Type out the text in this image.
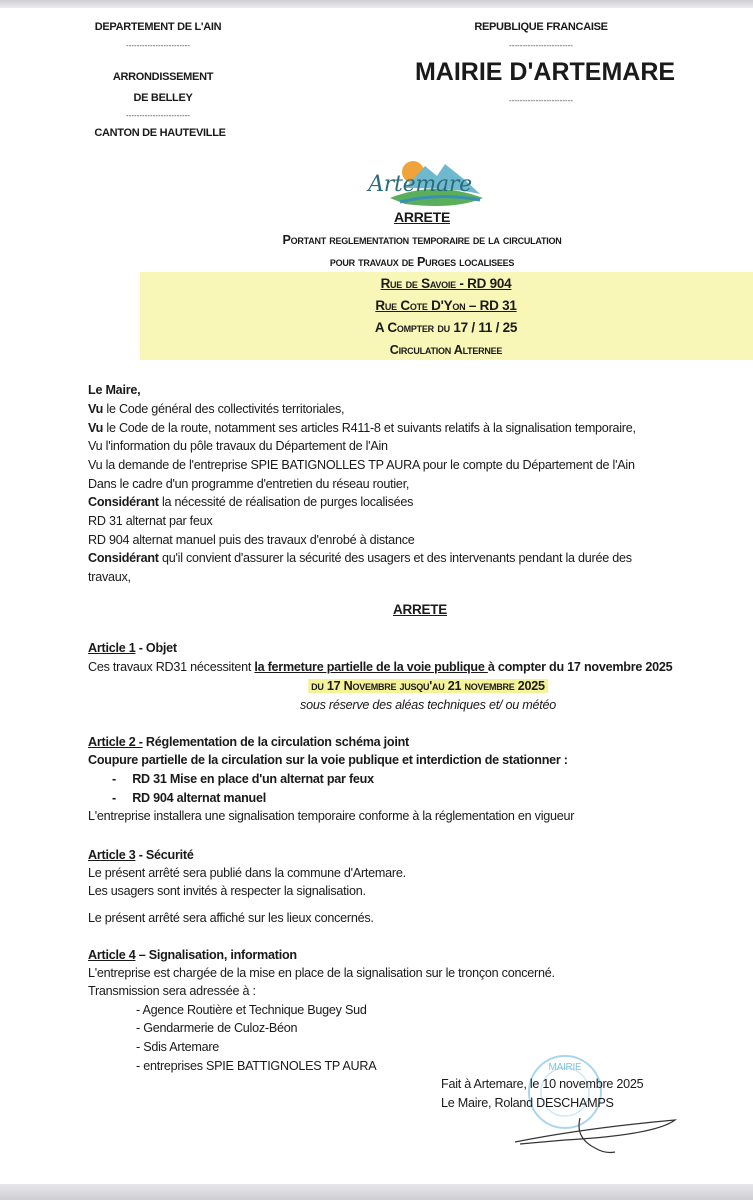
DEPARTEMENT DE L'AIN
------------------------
ARRONDISSEMENT
DE BELLEY
------------------------
CANTON DE HAUTEVILLE
REPUBLIQUE FRANCAISE
------------------------
MAIRIE D'ARTEMARE
------------------------
Artemare
ARRETE
Portant reglementation temporaire de la circulation
pour travaux de Purges localisees
Rue de Savoie - RD 904
Rue Cote D'Yon – RD 31
A Compter du 17 / 11 / 25
Circulation Alternee
Le Maire,
Vu le Code général des collectivités territoriales,
Vu le Code de la route, notamment ses articles R411-8 et suivants relatifs à la signalisation temporaire,
Vu l'information du pôle travaux du Département de l'Ain
Vu la demande de l'entreprise SPIE BATIGNOLLES TP AURA pour le compte du Département de l'Ain
Dans le cadre d'un programme d'entretien du réseau routier,
Considérant la nécessité de réalisation de purges localisées
RD 31 alternat par feux
RD 904 alternat manuel puis des travaux d'enrobé à distance
Considérant qu'il convient d'assurer la sécurité des usagers et des intervenants pendant la durée des
travaux,
ARRETE
Article 1 - Objet
Ces travaux RD31 nécessitent la fermeture partielle de la voie publique à compter du 17 novembre 2025
du 17 Novembre jusqu'au 21 novembre 2025
sous réserve des aléas techniques et/ ou météo
Article 2 - Réglementation de la circulation schéma joint
Coupure partielle de la circulation sur la voie publique et interdiction de stationner :
-     RD 31 Mise en place d'un alternat par feux
-     RD 904 alternat manuel
L'entreprise installera une signalisation temporaire conforme à la réglementation en vigueur
Article 3 - Sécurité
Le présent arrêté sera publié dans la commune d'Artemare.
Les usagers sont invités à respecter la signalisation.
Le présent arrêté sera affiché sur les lieux concernés.
Article 4 – Signalisation, information
L'entreprise est chargée de la mise en place de la signalisation sur le tronçon concerné.
Transmission sera adressée à :
- Agence Routière et Technique Bugey Sud
- Gendarmerie de Culoz-Béon
- Sdis Artemare
- entreprises SPIE BATTIGNOLES TP AURA	MAIRIE
Fait à Artemare, le 10 novembre 2025
Le Maire, Roland DESCHAMPS
